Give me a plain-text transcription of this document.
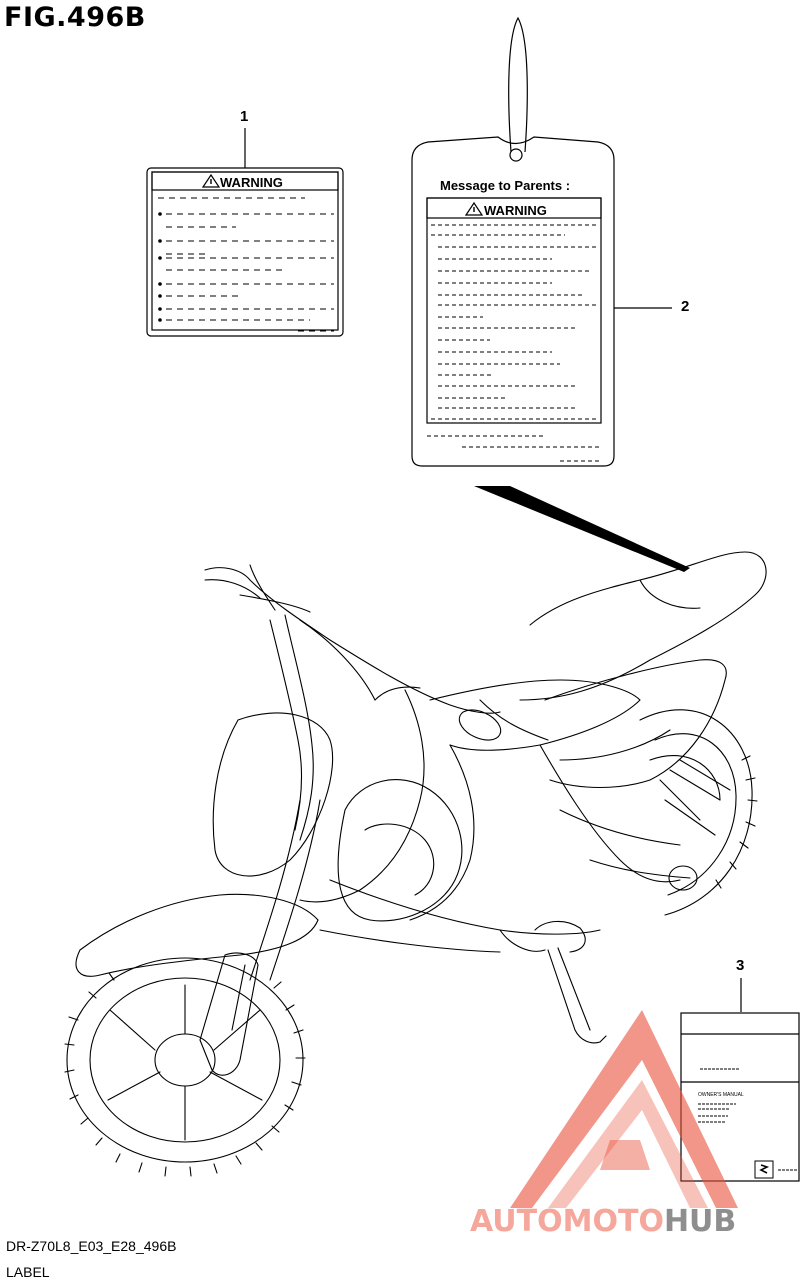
WARNING	Message to Parents :
WARNING
OWNER'S MANUAL
FIG.496B
1
2
3
AUTOMOTOHUB
DR-Z70L8_E03_E28_496B
LABEL
